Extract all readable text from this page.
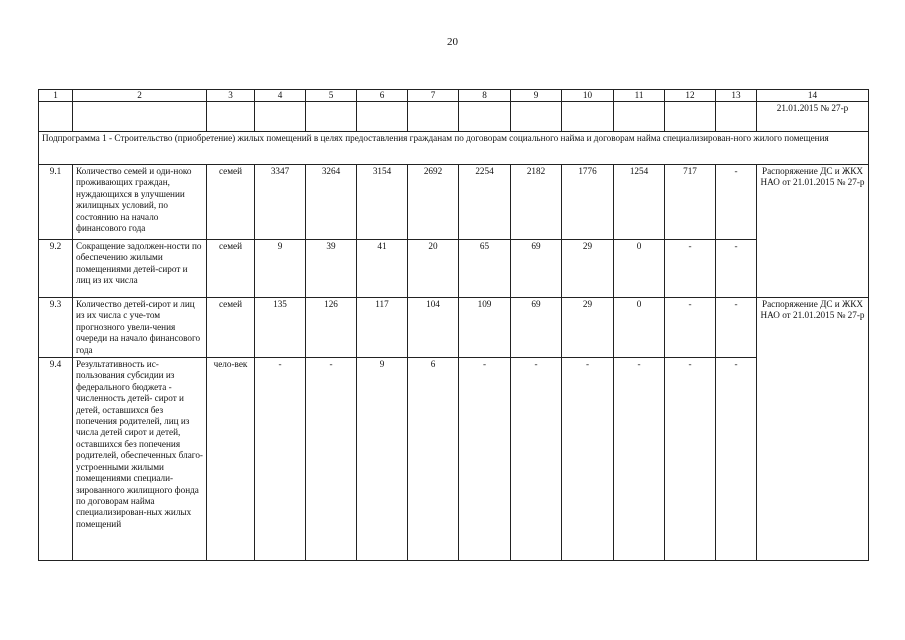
20
1	2	3	4	5	6	7	8	9	10	11	12	13	14
													21.01.2015 № 27-р
Подпрограмма 1 - Строительство (приобретение) жилых помещений в целях предоставления гражданам по договорам социального найма и договорам найма специализирован-ного жилого помещения													
9.1	Количество семей и оди-ноко проживающих граждан, нуждающихся в улучшении жилищных условий, по состоянию на начало финансового года	семей	3347	3264	3154	2692	2254	2182	1776	1254	717	-	Распоряжение ДС и ЖКХ НАО от 21.01.2015 № 27-р
9.2	Сокращение задолжен-ности по обеспечению жилыми помещениями детей-сирот и лиц из их числа	семей	9	39	41	20	65	69	29	0	-	-	
9.3	Количество детей-сирот и лиц из их числа с уче-том прогнозного увели-чения очереди на начало финансового года	семей	135	126	117	104	109	69	29	0	-	-	Распоряжение ДС и ЖКХ НАО от 21.01.2015 № 27-р
9.4	Результативность ис-пользования субсидии из федерального бюджета - численность детей- сирот и детей, оставшихся без попечения родителей, лиц из числа детей сирот и детей, оставшихся без попечения родителей, обеспеченных благо-устроенными жилыми помещениями специали-зированного жилищного фонда по договорам найма специализирован-ных жилых помещений	чело-век	-	-	9	6	-	-	-	-	-	-	
